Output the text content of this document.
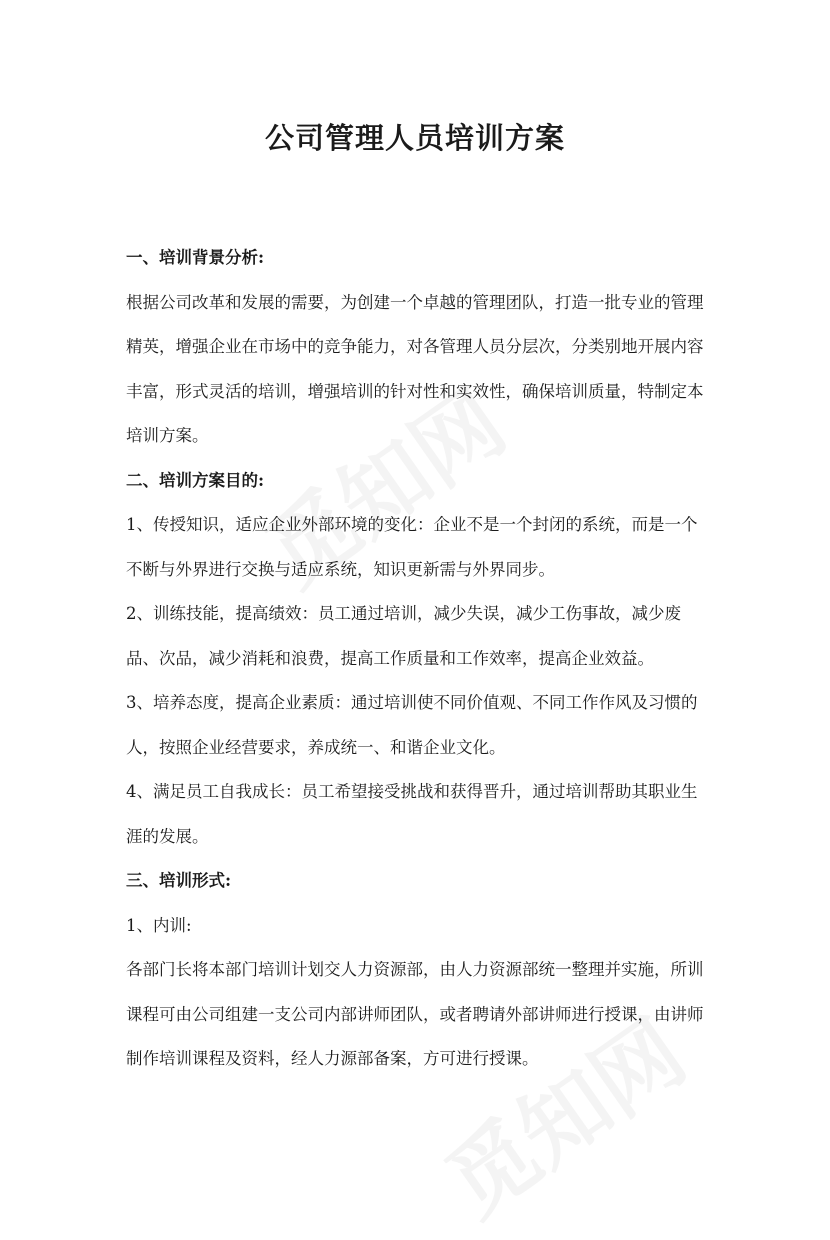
公司管理人员培训方案

一、培训背景分析:

根据公司改革和发展的需要，为创建一个卓越的管理团队，打造一批专业的管理精英，增强企业在市场中的竞争能力，对各管理人员分层次，分类别地开展内容丰富，形式灵活的培训，增强培训的针对性和实效性，确保培训质量，特制定本培训方案。

二、培训方案目的:

1、传授知识，适应企业外部环境的变化：企业不是一个封闭的系统，而是一个不断与外界进行交换与适应系统，知识更新需与外界同步。

2、训练技能，提高绩效：员工通过培训，减少失误，减少工伤事故，减少废品、次品，减少消耗和浪费，提高工作质量和工作效率，提高企业效益。

3、培养态度，提高企业素质：通过培训使不同价值观、不同工作作风及习惯的人，按照企业经营要求，养成统一、和谐企业文化。

4、满足员工自我成长：员工希望接受挑战和获得晋升，通过培训帮助其职业生涯的发展。

三、培训形式:

1、内训:

各部门长将本部门培训计划交人力资源部，由人力资源部统一整理并实施，所训课程可由公司组建一支公司内部讲师团队，或者聘请外部讲师进行授课，由讲师制作培训课程及资料，经人力源部备案，方可进行授课。
